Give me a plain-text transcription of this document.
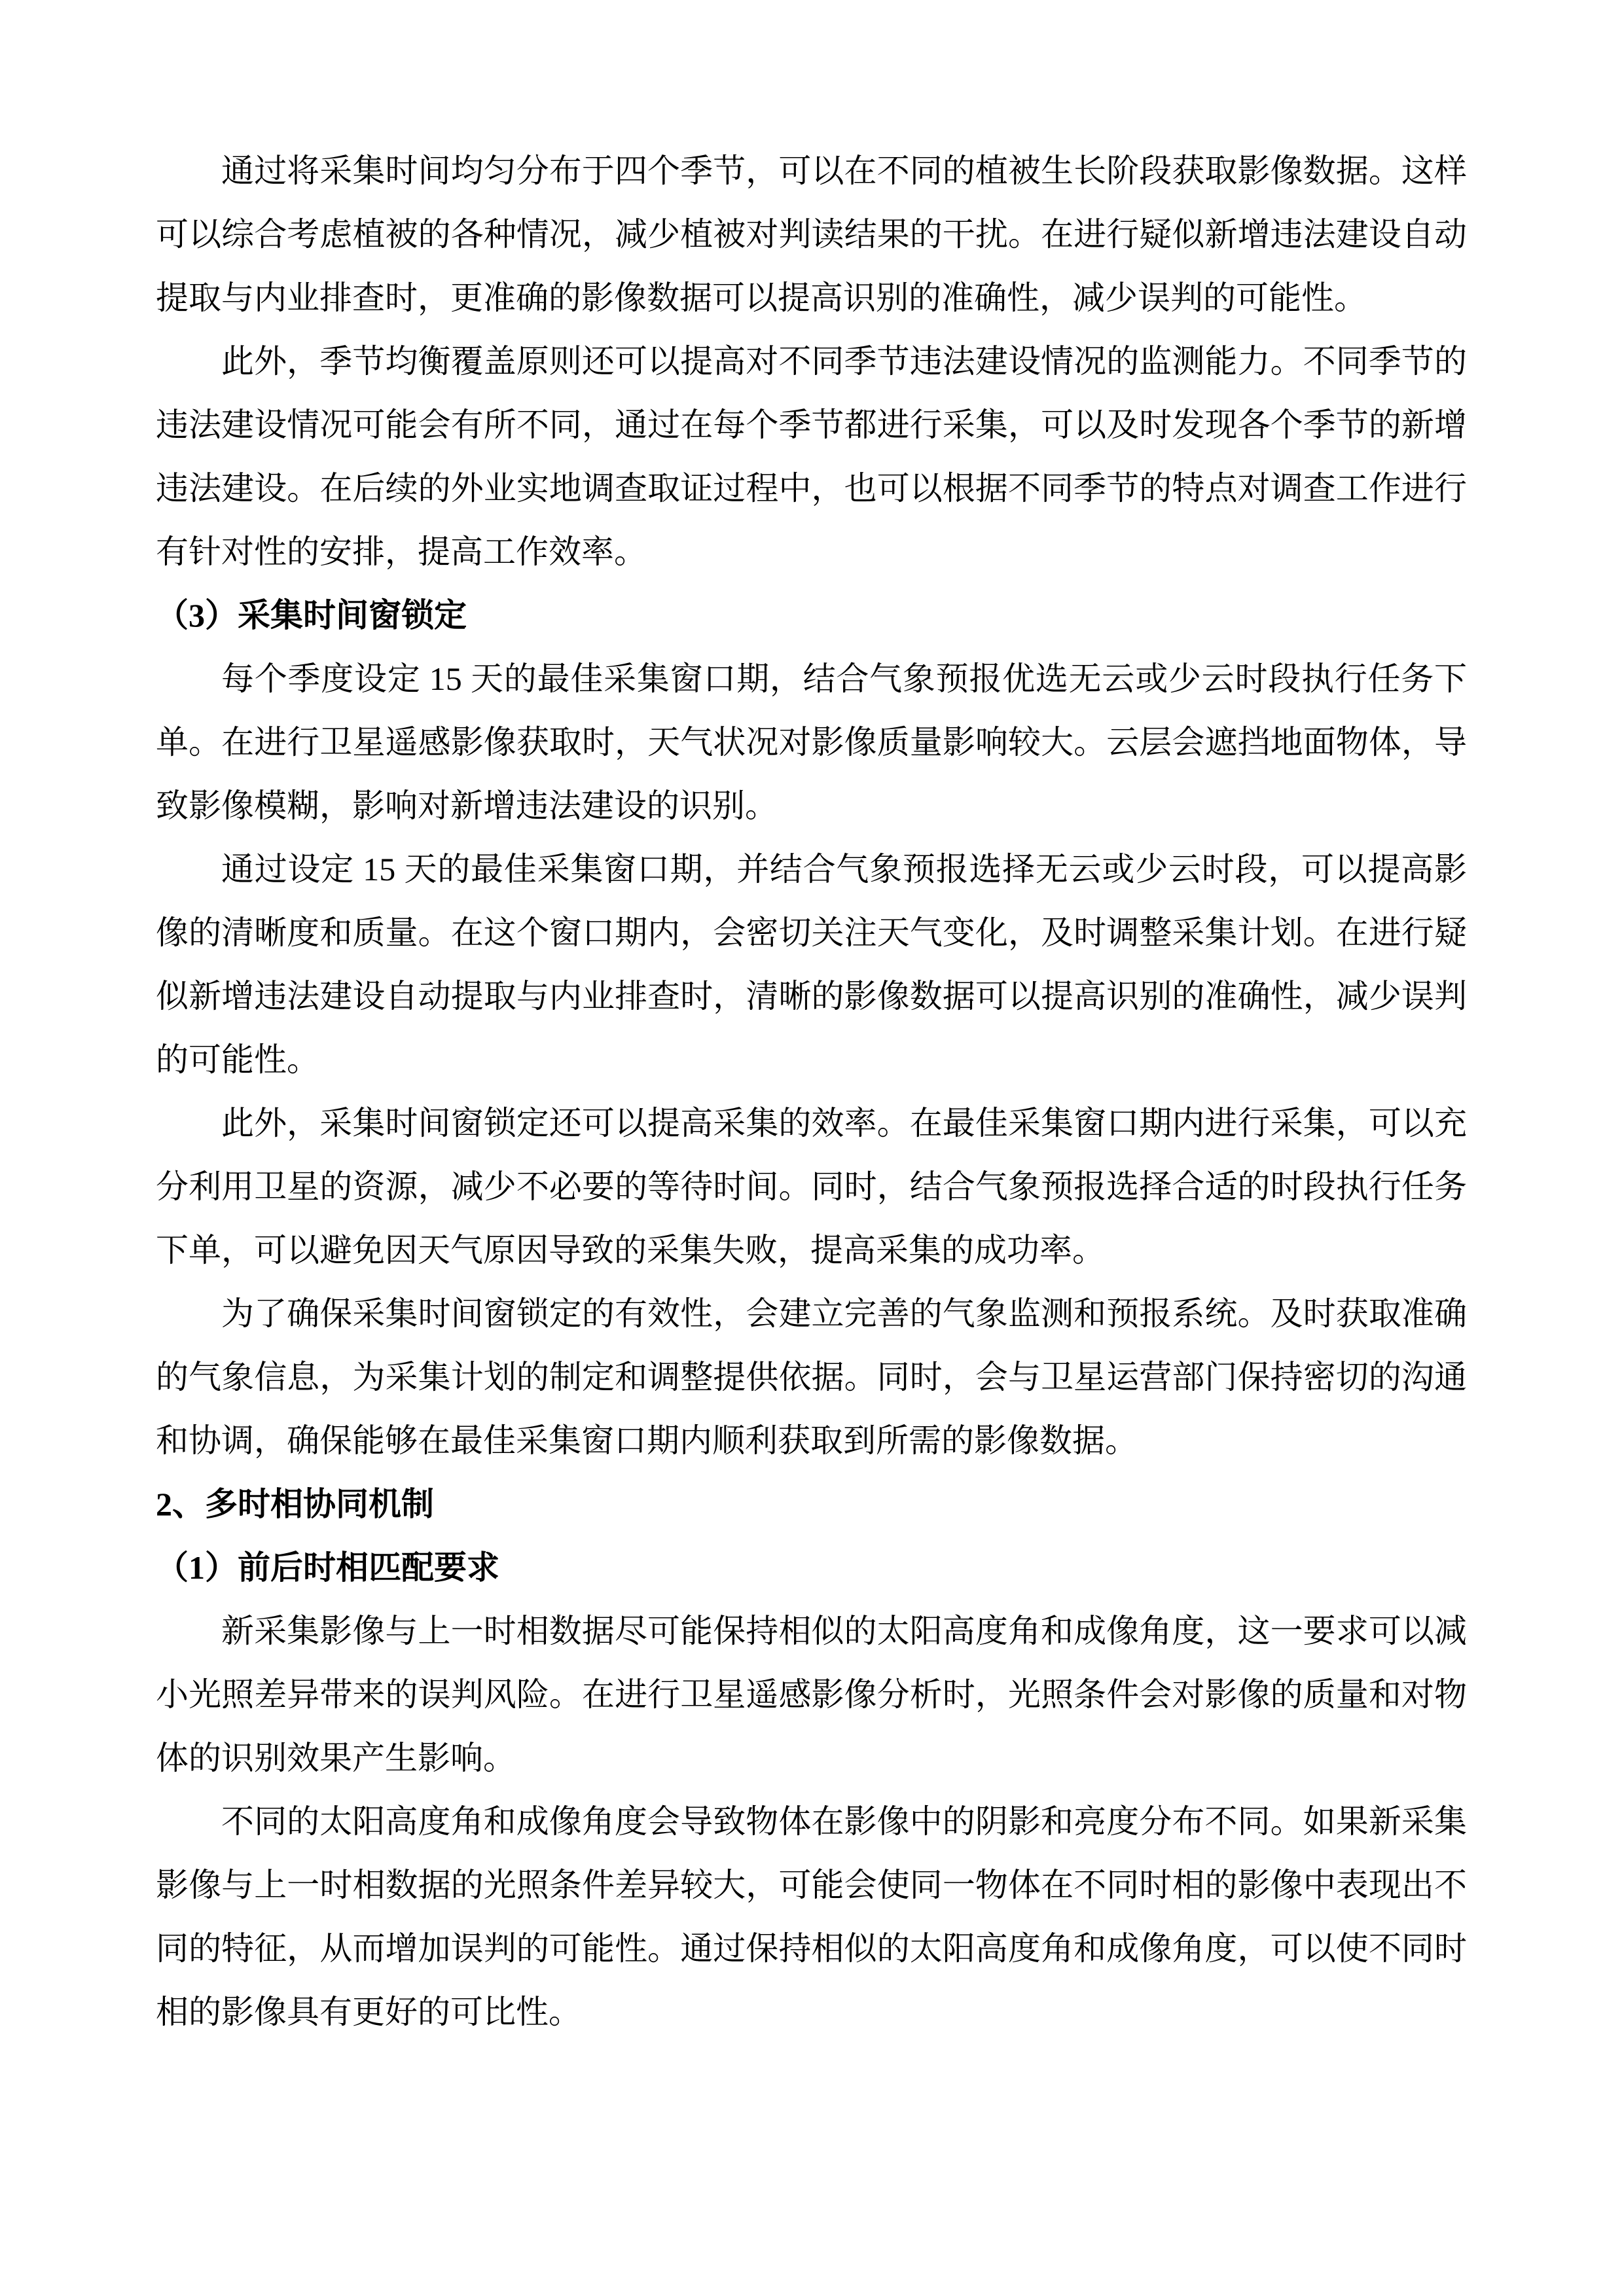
通过将采集时间均匀分布于四个季节，可以在不同的植被生长阶段获取影像数据。这样可以综合考虑植被的各种情况，减少植被对判读结果的干扰。在进行疑似新增违法建设自动提取与内业排查时，更准确的影像数据可以提高识别的准确性，减少误判的可能性。

此外，季节均衡覆盖原则还可以提高对不同季节违法建设情况的监测能力。不同季节的违法建设情况可能会有所不同，通过在每个季节都进行采集，可以及时发现各个季节的新增违法建设。在后续的外业实地调查取证过程中，也可以根据不同季节的特点对调查工作进行有针对性的安排，提高工作效率。

（3）采集时间窗锁定

每个季度设定 15 天的最佳采集窗口期，结合气象预报优选无云或少云时段执行任务下单。在进行卫星遥感影像获取时，天气状况对影像质量影响较大。云层会遮挡地面物体，导致影像模糊，影响对新增违法建设的识别。

通过设定 15 天的最佳采集窗口期，并结合气象预报选择无云或少云时段，可以提高影像的清晰度和质量。在这个窗口期内，会密切关注天气变化，及时调整采集计划。在进行疑似新增违法建设自动提取与内业排查时，清晰的影像数据可以提高识别的准确性，减少误判的可能性。

此外，采集时间窗锁定还可以提高采集的效率。在最佳采集窗口期内进行采集，可以充分利用卫星的资源，减少不必要的等待时间。同时，结合气象预报选择合适的时段执行任务下单，可以避免因天气原因导致的采集失败，提高采集的成功率。

为了确保采集时间窗锁定的有效性，会建立完善的气象监测和预报系统。及时获取准确的气象信息，为采集计划的制定和调整提供依据。同时，会与卫星运营部门保持密切的沟通和协调，确保能够在最佳采集窗口期内顺利获取到所需的影像数据。

2、多时相协同机制
（1）前后时相匹配要求

新采集影像与上一时相数据尽可能保持相似的太阳高度角和成像角度，这一要求可以减小光照差异带来的误判风险。在进行卫星遥感影像分析时，光照条件会对影像的质量和对物体的识别效果产生影响。

不同的太阳高度角和成像角度会导致物体在影像中的阴影和亮度分布不同。如果新采集影像与上一时相数据的光照条件差异较大，可能会使同一物体在不同时相的影像中表现出不同的特征，从而增加误判的可能性。通过保持相似的太阳高度角和成像角度，可以使不同时相的影像具有更好的可比性。
